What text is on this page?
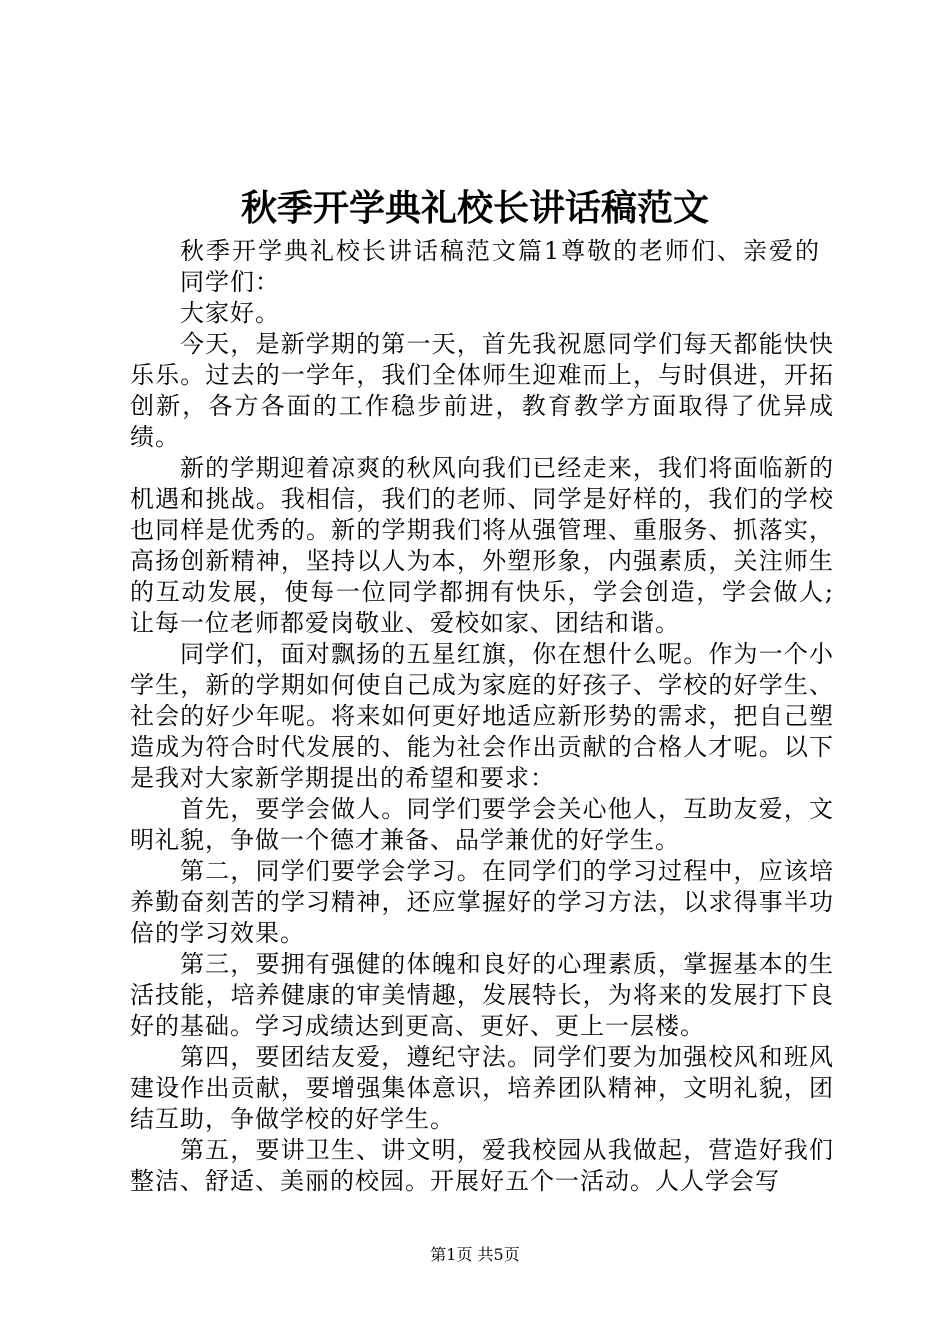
秋季开学典礼校长讲话稿范文

秋季开学典礼校长讲话稿范文篇1尊敬的老师们、亲爱的同学们：

大家好。

今天，是新学期的第一天，首先我祝愿同学们每天都能快快乐乐。过去的一学年，我们全体师生迎难而上，与时俱进，开拓创新，各方各面的工作稳步前进，教育教学方面取得了优异成绩。

新的学期迎着凉爽的秋风向我们已经走来，我们将面临新的机遇和挑战。我相信，我们的老师、同学是好样的，我们的学校也同样是优秀的。新的学期我们将从强管理、重服务、抓落实，高扬创新精神，坚持以人为本，外塑形象，内强素质，关注师生的互动发展，使每一位同学都拥有快乐，学会创造，学会做人;让每一位老师都爱岗敬业、爱校如家、团结和谐。

同学们，面对飘扬的五星红旗，你在想什么呢。作为一个小学生，新的学期如何使自己成为家庭的好孩子、学校的好学生、社会的好少年呢。将来如何更好地适应新形势的需求，把自己塑造成为符合时代发展的、能为社会作出贡献的合格人才呢。以下是我对大家新学期提出的希望和要求：

首先，要学会做人。同学们要学会关心他人，互助友爱，文明礼貌，争做一个德才兼备、品学兼优的好学生。

第二，同学们要学会学习。在同学们的学习过程中，应该培养勤奋刻苦的学习精神，还应掌握好的学习方法，以求得事半功倍的学习效果。

第三，要拥有强健的体魄和良好的心理素质，掌握基本的生活技能，培养健康的审美情趣，发展特长，为将来的发展打下良好的基础。学习成绩达到更高、更好、更上一层楼。

第四，要团结友爱，遵纪守法。同学们要为加强校风和班风建设作出贡献，要增强集体意识，培养团队精神，文明礼貌，团结互助，争做学校的好学生。

第五，要讲卫生、讲文明，爱我校园从我做起，营造好我们整洁、舒适、美丽的校园。开展好五个一活动。人人学会写

第1页 共5页
